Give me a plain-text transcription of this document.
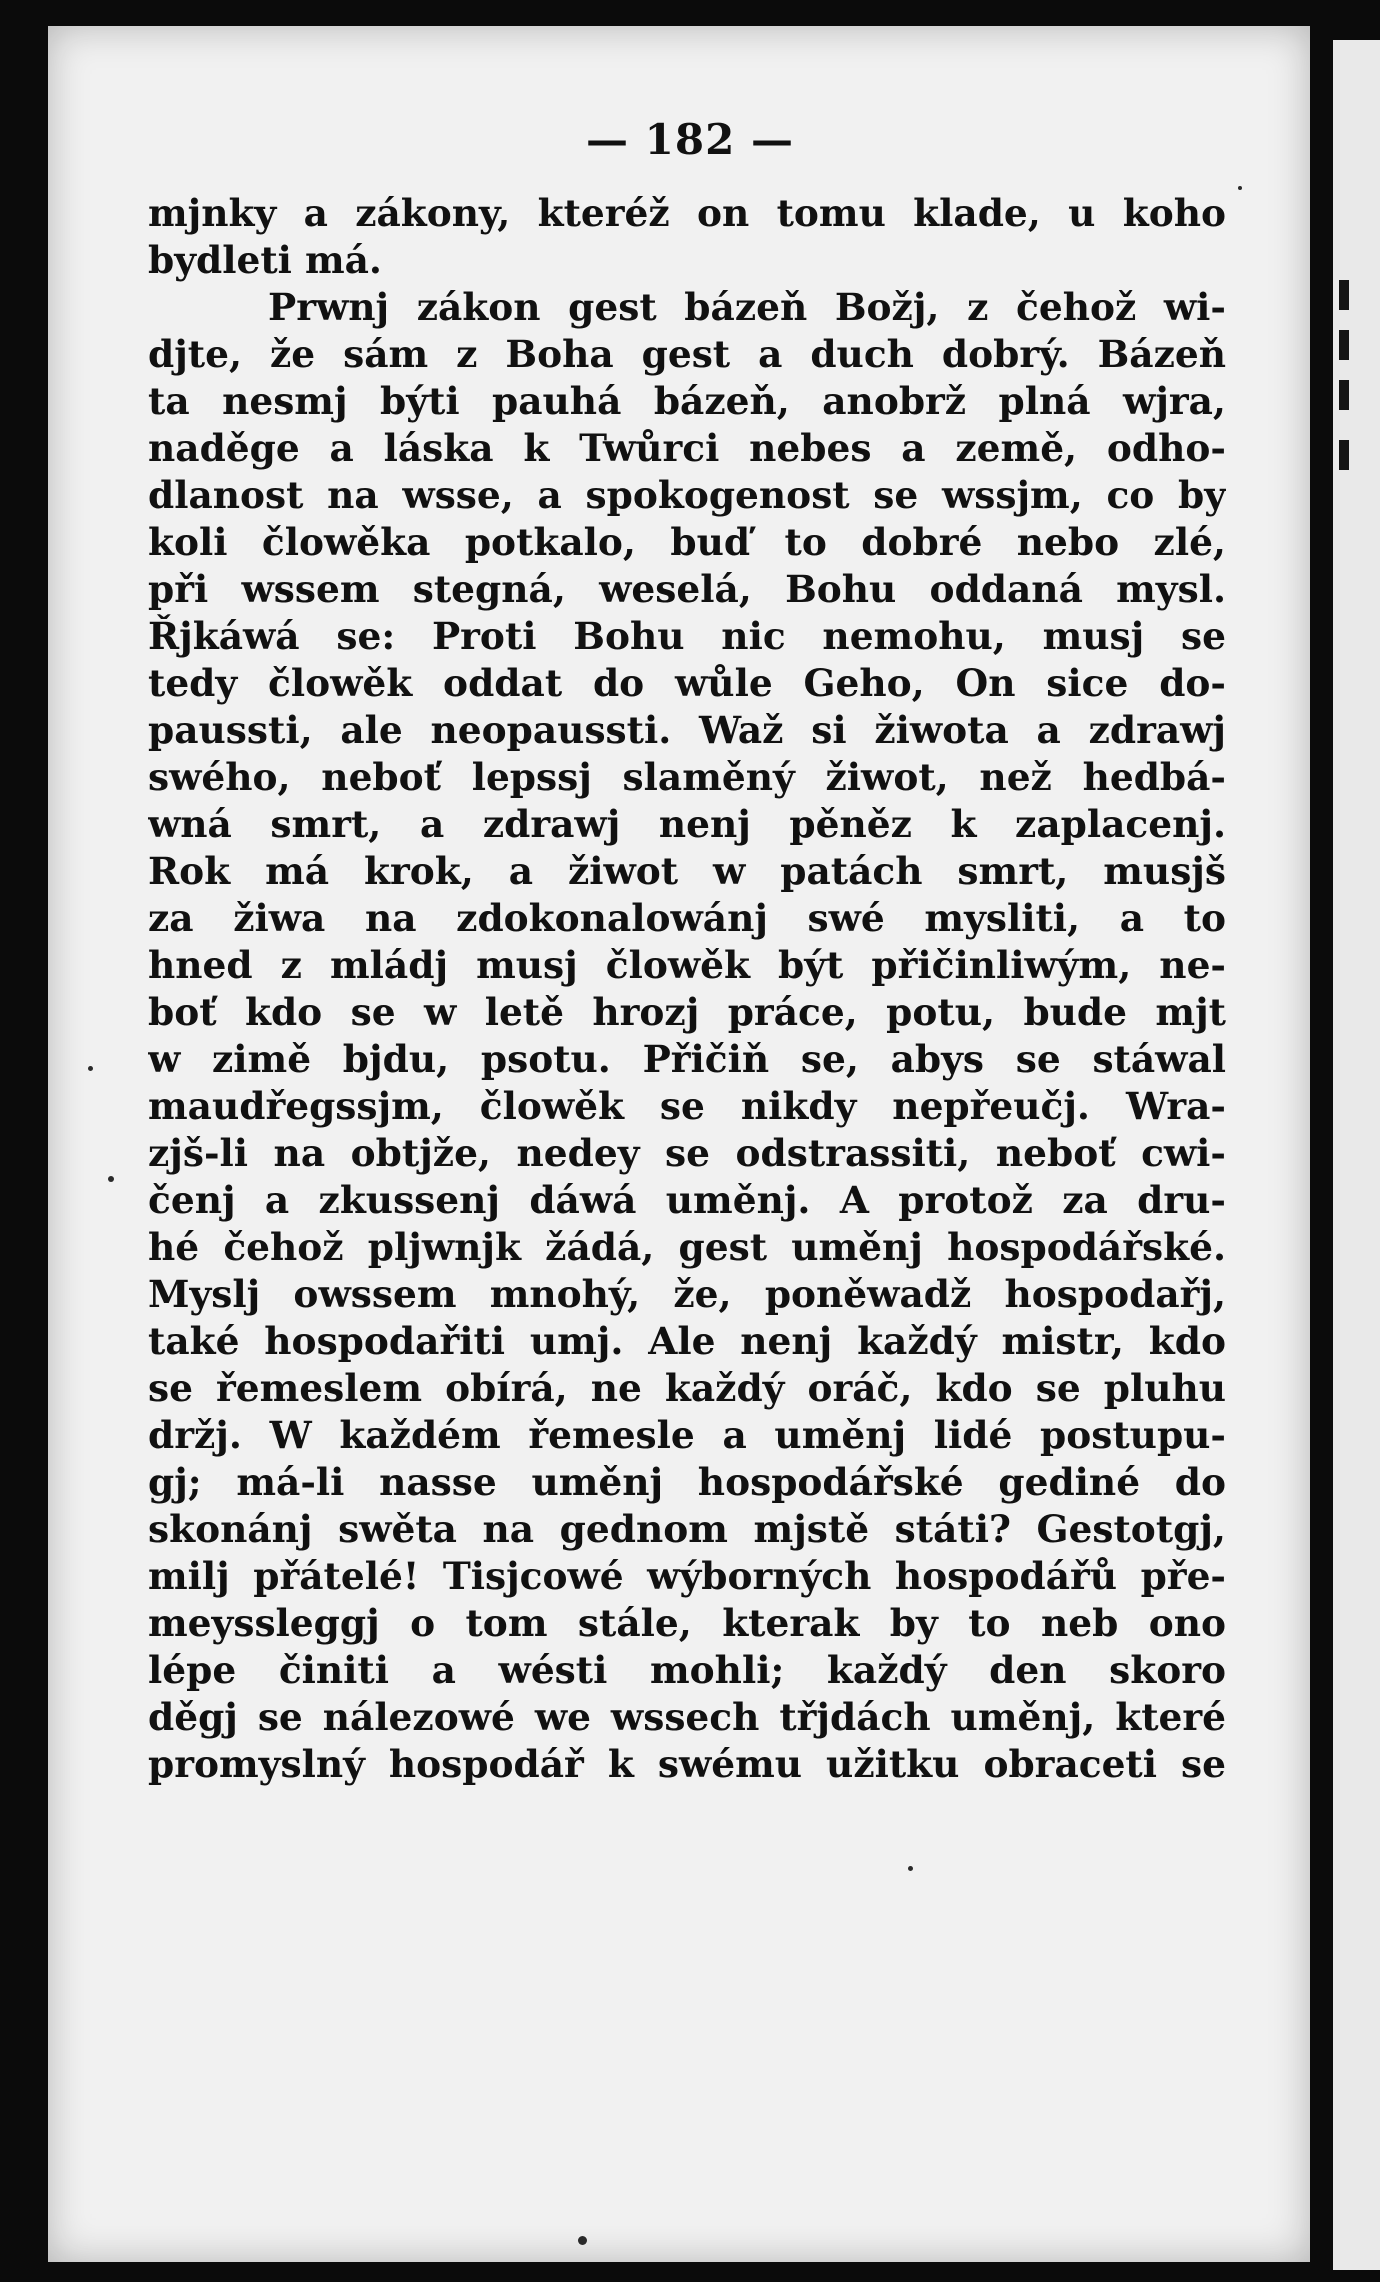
— 182 —
mjnky a zákony, kteréž on tomu klade, u koho
bydleti má.
Prwnj zákon gest bázeň Božj, z čehož wi-
djte, že sám z Boha gest a duch dobrý. Bázeň
ta nesmj býti pauhá bázeň, anobrž plná wjra,
naděge a láska k Twůrci nebes a země, odho-
dlanost na wsse, a spokogenost se wssjm, co by
koli člowěka potkalo, buď to dobré nebo zlé,
při wssem stegná, weselá, Bohu oddaná mysl.
Řjkáwá se: Proti Bohu nic nemohu, musj se
tedy člowěk oddat do wůle Geho, On sice do-
paussti, ale neopaussti. Waž si žiwota a zdrawj
swého, neboť lepssj slaměný žiwot, než hedbá-
wná smrt, a zdrawj nenj pěněz k zaplacenj.
Rok má krok, a žiwot w patách smrt, musjš
za žiwa na zdokonalowánj swé mysliti, a to
hned z mládj musj člowěk být přičinliwým, ne-
boť kdo se w letě hrozj práce, potu, bude mjt
w zimě bjdu, psotu. Přičiň se, abys se stáwal
maudřegssjm, člowěk se nikdy nepřeučj. Wra-
zjš-li na obtjže, nedey se odstrassiti, neboť cwi-
čenj a zkussenj dáwá uměnj. A protož za dru-
hé čehož pljwnjk žádá, gest uměnj hospodářské.
Myslj owssem mnohý, že, poněwadž hospodařj,
také hospodařiti umj. Ale nenj každý mistr, kdo
se řemeslem obírá, ne každý oráč, kdo se pluhu
držj. W každém řemesle a uměnj lidé postupu-
gj; má-li nasse uměnj hospodářské gediné do
skonánj swěta na gednom mjstě státi? Gestotgj,
milj přátelé! Tisjcowé wýborných hospodářů pře-
meyssleggj o tom stále, kterak by to neb ono
lépe činiti a wésti mohli; každý den skoro
děgj se nálezowé we wssech třjdách uměnj, které
promyslný hospodář k swému užitku obraceti se
